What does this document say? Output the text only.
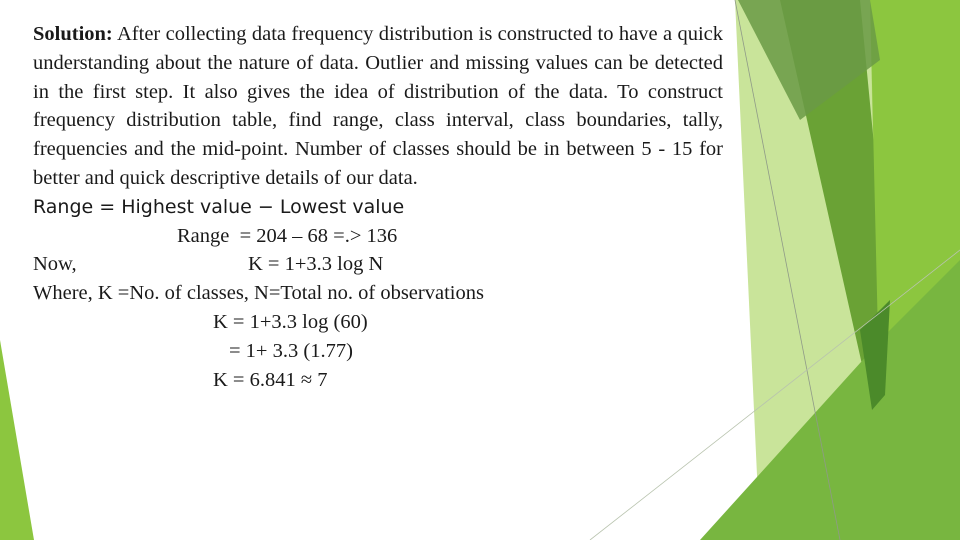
Solution: After collecting data frequency distribution is constructed to have a quick understanding about the nature of data. Outlier and missing values can be detected in the first step. It also gives the idea of distribution of the data. To construct frequency distribution table, find range, class interval, class boundaries, tally, frequencies and the mid-point. Number of classes should be in between 5 - 15 for better and quick descriptive details of our data.

Range = Highest value − Lowest value

Range  = 204 – 68 =.> 136

Now,	K = 1+3.3 log N

Where, K =No. of classes, N=Total no. of observations

K = 1+3.3 log (60)

= 1+ 3.3 (1.77)

K = 6.841 ≈ 7
